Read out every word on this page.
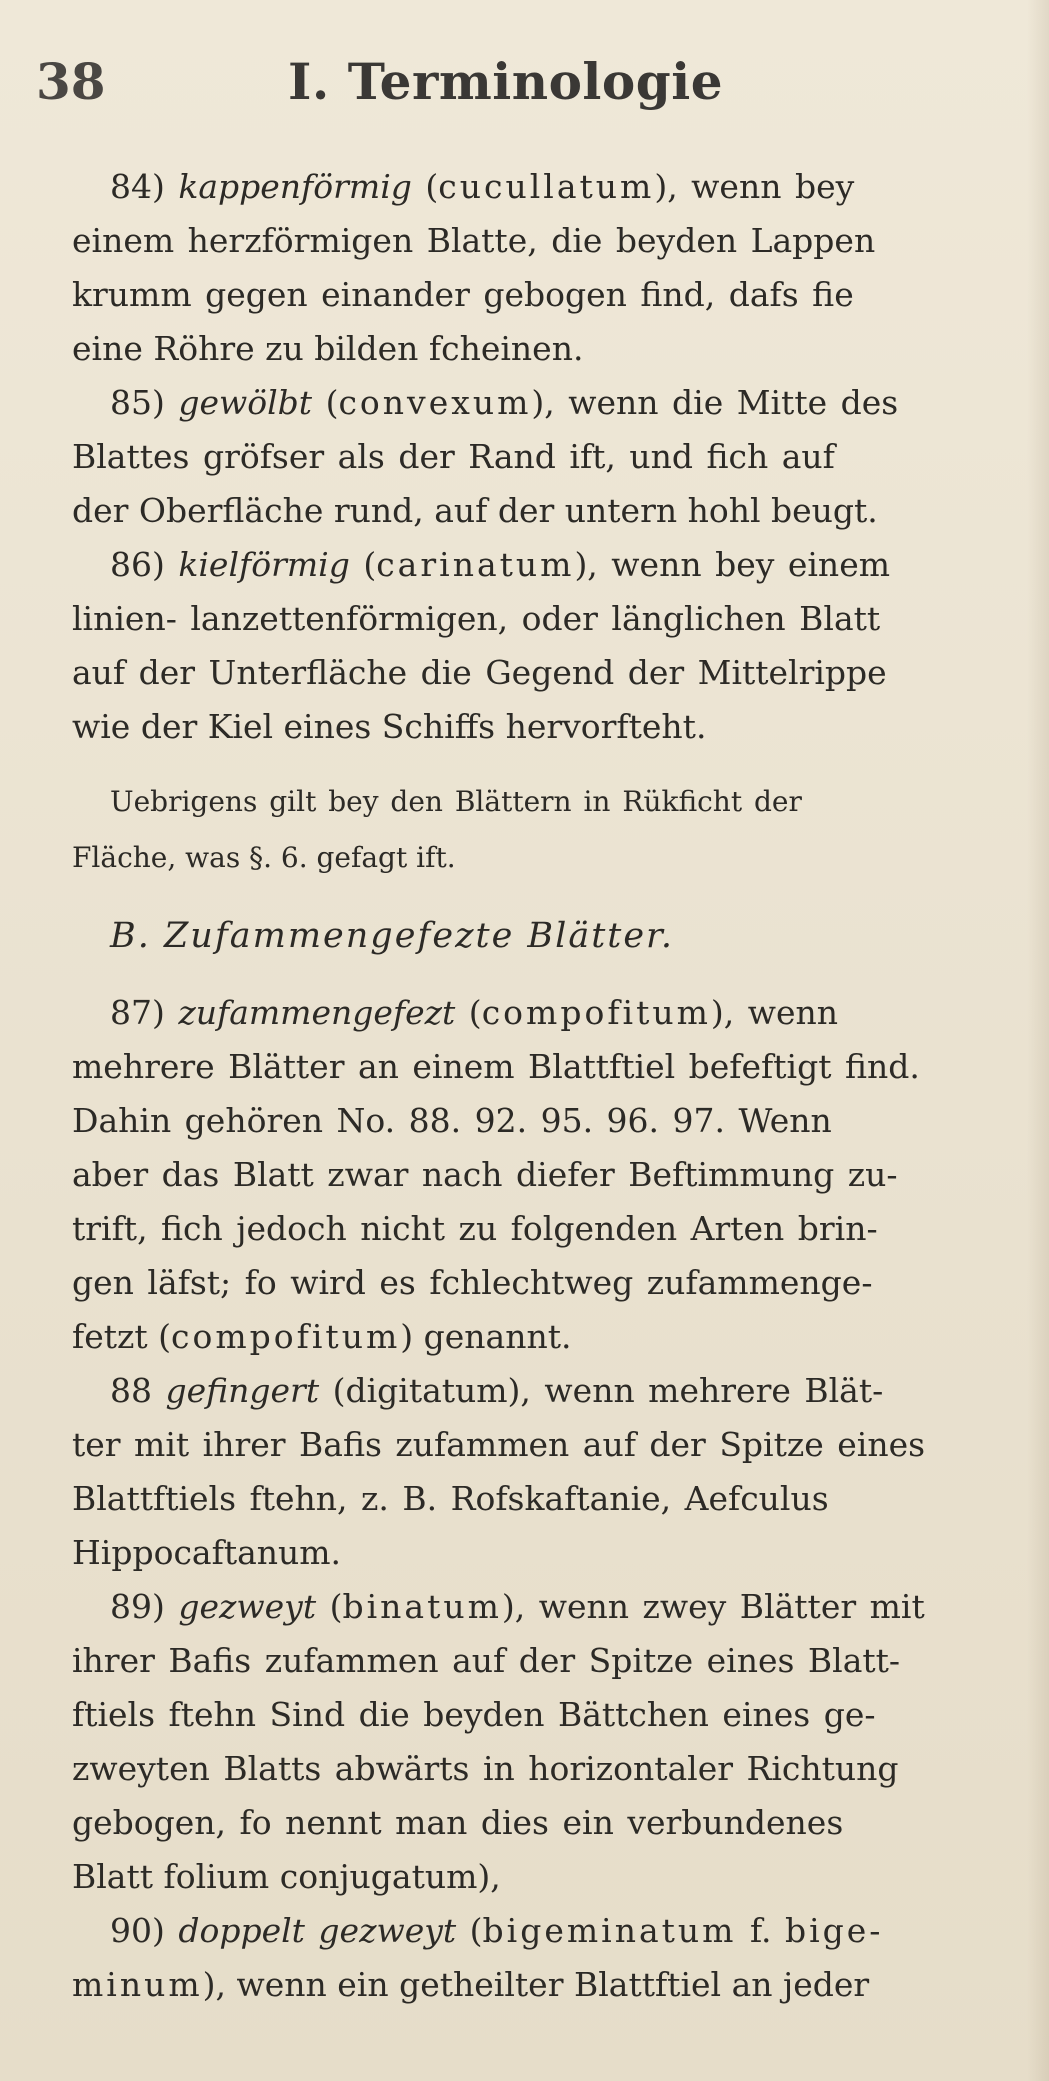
38	I. Terminologie
84) kappenförmig (cucullatum), wenn bey
einem herzförmigen Blatte, die beyden Lappen
krumm gegen einander gebogen find, dafs fie
eine Röhre zu bilden fcheinen.
85) gewölbt (convexum), wenn die Mitte des
Blattes gröfser als der Rand ift, und fich auf
der Oberfläche rund, auf der untern hohl beugt.
86) kielförmig (carinatum), wenn bey einem
linien- lanzettenförmigen, oder länglichen Blatt
auf der Unterfläche die Gegend der Mittelrippe
wie der Kiel eines Schiffs hervorfteht.
Uebrigens gilt bey den Blättern in Rükficht der
Fläche, was §. 6. gefagt ift.
B. Zufammengefezte Blätter.
87) zufammengefezt (compofitum), wenn
mehrere Blätter an einem Blattftiel befeftigt find.
Dahin gehören No. 88. 92. 95. 96. 97. Wenn
aber das Blatt zwar nach diefer Beftimmung zu-
trift, fich jedoch nicht zu folgenden Arten brin-
gen läfst; fo wird es fchlechtweg zufammenge-
fetzt (compofitum) genannt.
88 gefingert (digitatum), wenn mehrere Blät-
ter mit ihrer Bafis zufammen auf der Spitze eines
Blattftiels ftehn, z. B. Rofskaftanie, Aefculus
Hippocaftanum.
89) gezweyt (binatum), wenn zwey Blätter mit
ihrer Bafis zufammen auf der Spitze eines Blatt-
ftiels ftehn Sind die beyden Bättchen eines ge-
zweyten Blatts abwärts in horizontaler Richtung
gebogen, fo nennt man dies ein verbundenes
Blatt folium conjugatum),
90) doppelt gezweyt (bigeminatum f. bige-
minum), wenn ein getheilter Blattftiel an jeder
